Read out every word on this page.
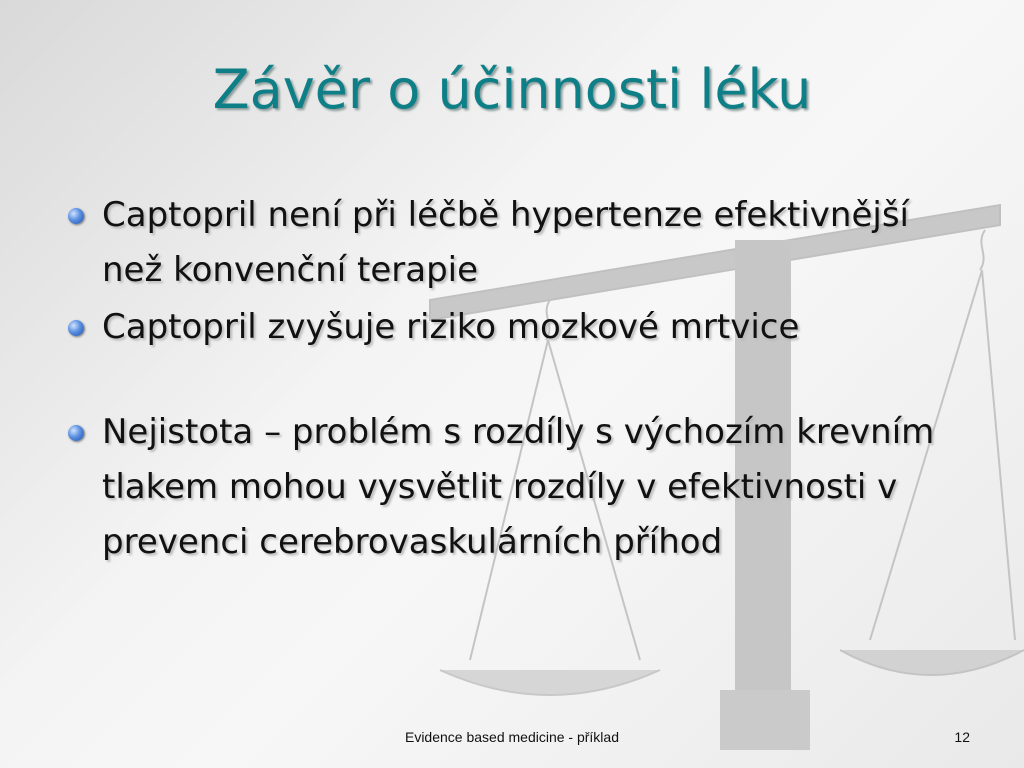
Závěr o účinnosti léku
Captopril není při léčbě hypertenze efektivnější než konvenční terapie
Captopril zvyšuje riziko mozkové mrtvice
Nejistota – problém s rozdíly s výchozím krevním tlakem mohou vysvětlit rozdíly v efektivnosti v prevenci cerebrovaskulárních příhod
Evidence based medicine - příklad	12
